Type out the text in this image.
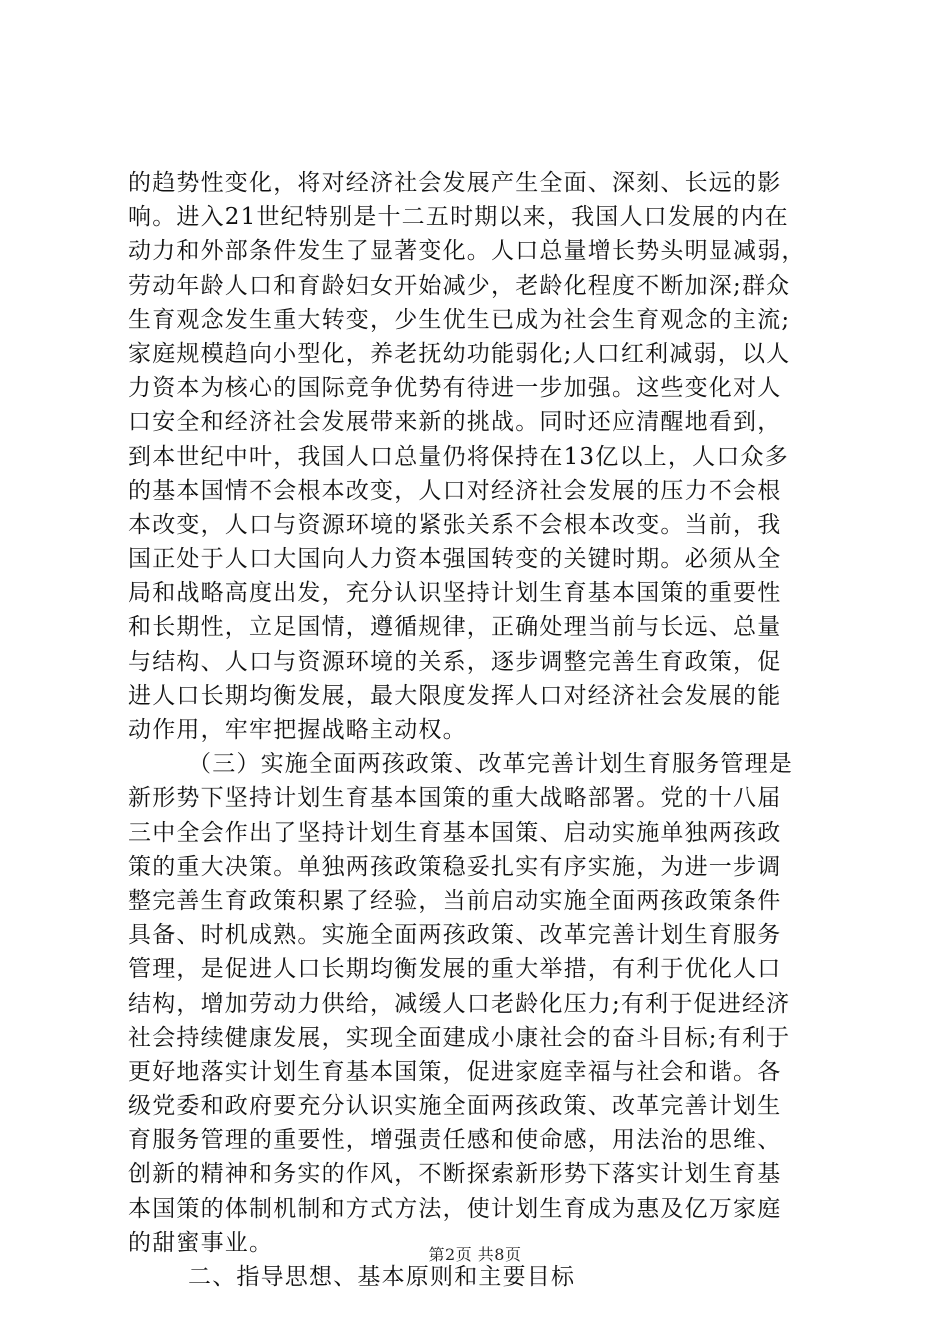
的趋势性变化，将对经济社会发展产生全面、深刻、长远的影
响。进入21世纪特别是十二五时期以来，我国人口发展的内在
动力和外部条件发生了显著变化。人口总量增长势头明显减弱，
劳动年龄人口和育龄妇女开始减少，老龄化程度不断加深;群众
生育观念发生重大转变，少生优生已成为社会生育观念的主流;
家庭规模趋向小型化，养老抚幼功能弱化;人口红利减弱，以人
力资本为核心的国际竞争优势有待进一步加强。这些变化对人
口安全和经济社会发展带来新的挑战。同时还应清醒地看到，
到本世纪中叶，我国人口总量仍将保持在13亿以上，人口众多
的基本国情不会根本改变，人口对经济社会发展的压力不会根
本改变，人口与资源环境的紧张关系不会根本改变。当前，我
国正处于人口大国向人力资本强国转变的关键时期。必须从全
局和战略高度出发，充分认识坚持计划生育基本国策的重要性
和长期性，立足国情，遵循规律，正确处理当前与长远、总量
与结构、人口与资源环境的关系，逐步调整完善生育政策，促
进人口长期均衡发展，最大限度发挥人口对经济社会发展的能
动作用，牢牢把握战略主动权。
（三）实施全面两孩政策、改革完善计划生育服务管理是
新形势下坚持计划生育基本国策的重大战略部署。党的十八届
三中全会作出了坚持计划生育基本国策、启动实施单独两孩政
策的重大决策。单独两孩政策稳妥扎实有序实施，为进一步调
整完善生育政策积累了经验，当前启动实施全面两孩政策条件
具备、时机成熟。实施全面两孩政策、改革完善计划生育服务
管理，是促进人口长期均衡发展的重大举措，有利于优化人口
结构，增加劳动力供给，减缓人口老龄化压力;有利于促进经济
社会持续健康发展，实现全面建成小康社会的奋斗目标;有利于
更好地落实计划生育基本国策，促进家庭幸福与社会和谐。各
级党委和政府要充分认识实施全面两孩政策、改革完善计划生
育服务管理的重要性，增强责任感和使命感，用法治的思维、
创新的精神和务实的作风，不断探索新形势下落实计划生育基
本国策的体制机制和方式方法，使计划生育成为惠及亿万家庭
的甜蜜事业。
二、指导思想、基本原则和主要目标
第2页 共8页
